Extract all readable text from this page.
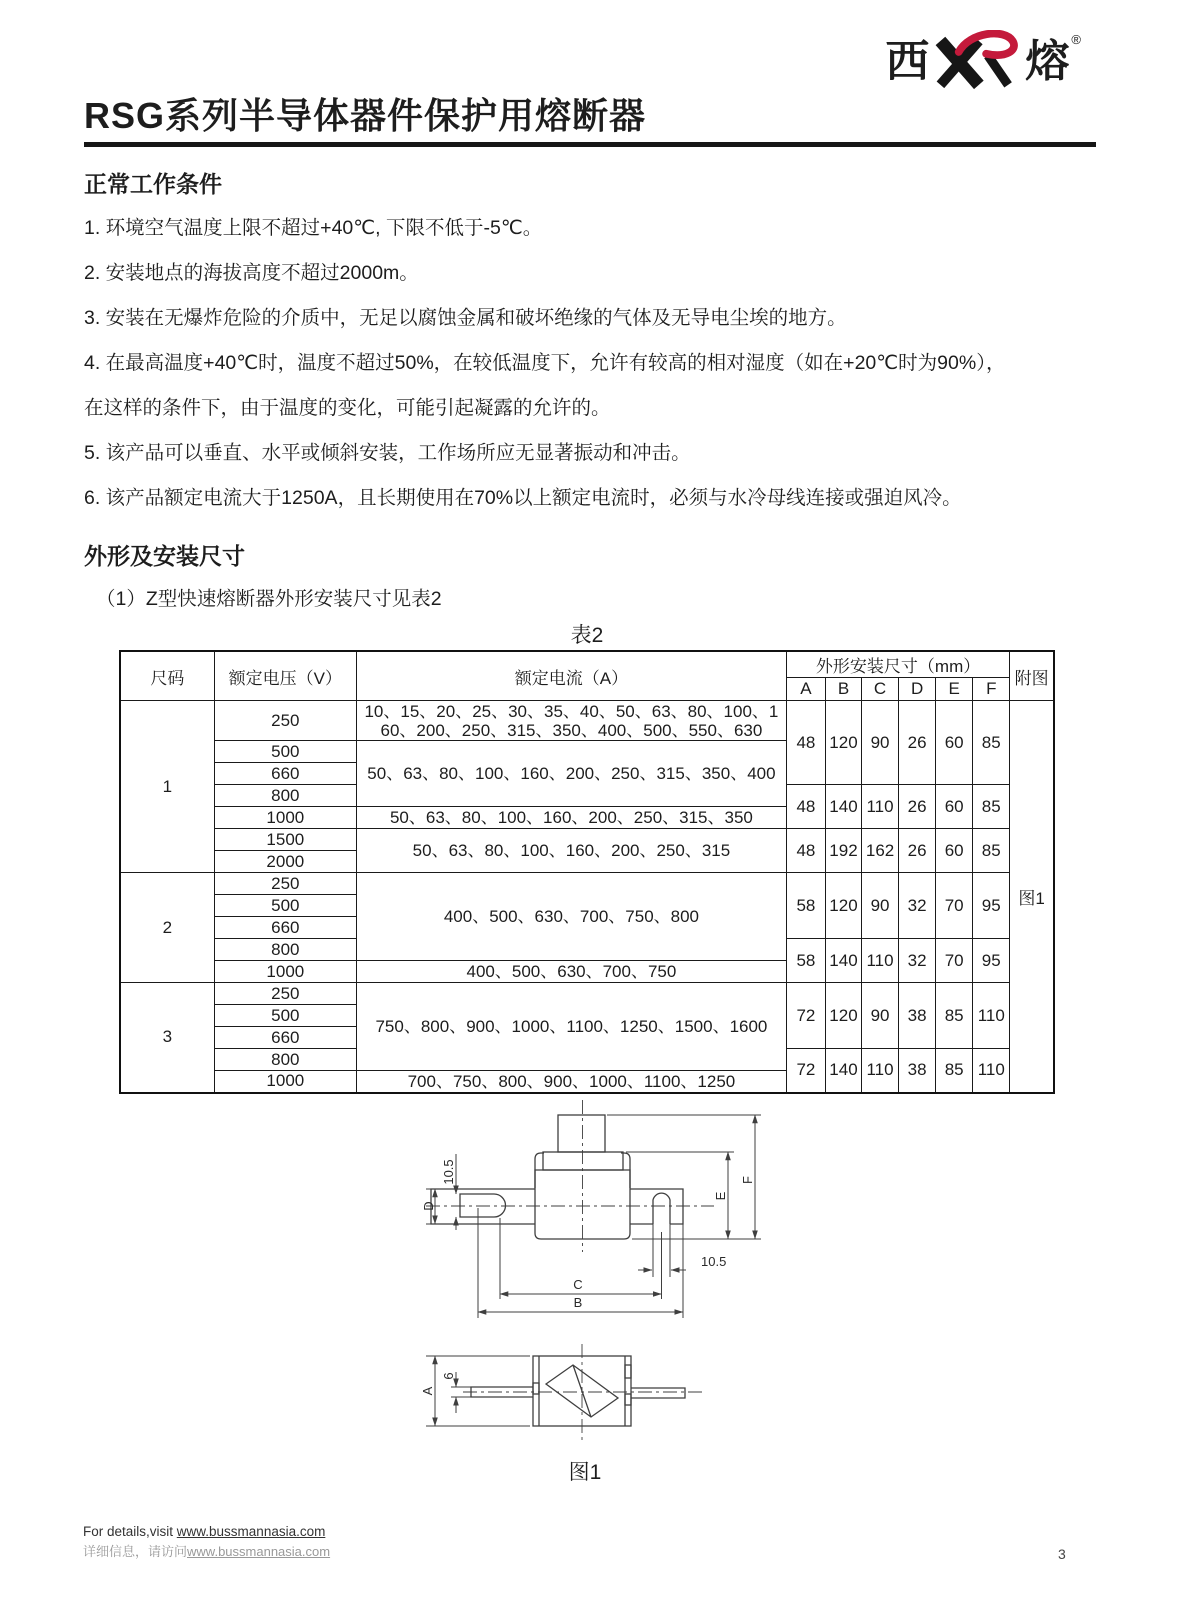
西 熔 ®
RSG系列半导体器件保护用熔断器
正常工作条件

1. 环境空气温度上限不超过+40℃, 下限不低于-5℃。

2. 安装地点的海拔高度不超过2000m。

3. 安装在无爆炸危险的介质中，无足以腐蚀金属和破坏绝缘的气体及无导电尘埃的地方。

4. 在最高温度+40℃时，温度不超过50%，在较低温度下，允许有较高的相对湿度（如在+20℃时为90%），

在这样的条件下，由于温度的变化，可能引起凝露的允许的。

5. 该产品可以垂直、水平或倾斜安装，工作场所应无显著振动和冲击。

6. 该产品额定电流大于1250A，且长期使用在70%以上额定电流时，必须与水冷母线连接或强迫风冷。

外形及安装尺寸
（1）Z型快速熔断器外形安装尺寸见表2
表2
尺码	额定电压（V）	额定电流（A）	外形安装尺寸（mm）						附图
			A	B	C	D	E	F	
1	250	10、15、20、25、30、35、40、50、63、80、100、160、200、250、315、350、400、500、550、630	48	120	90	26	60	85	图1
	500	50、63、80、100、160、200、250、315、350、400							
	660								
	800		48	140	110	26	60	85	
	1000	50、63、80、100、160、200、250、315、350							
	1500	50、63、80、100、160、200、250、315	48	192	162	26	60	85	
	2000								
2	250	400、500、630、700、750、800	58	120	90	32	70	95	
	500								
	660								
	800		58	140	110	32	70	95	
	1000	400、500、630、700、750							
3	250	750、800、900、1000、1100、1250、1500、1600	72	120	90	38	85	110	
	500								
	660								
	800		72	140	110	38	85	110	
	1000	700、750、800、900、1000、1100、1250							
D
10.5
E
F
10.5
C
B
A
6
图1
For details,visit www.bussmannasia.com
详细信息，请访问www.bussmannasia.com	3
